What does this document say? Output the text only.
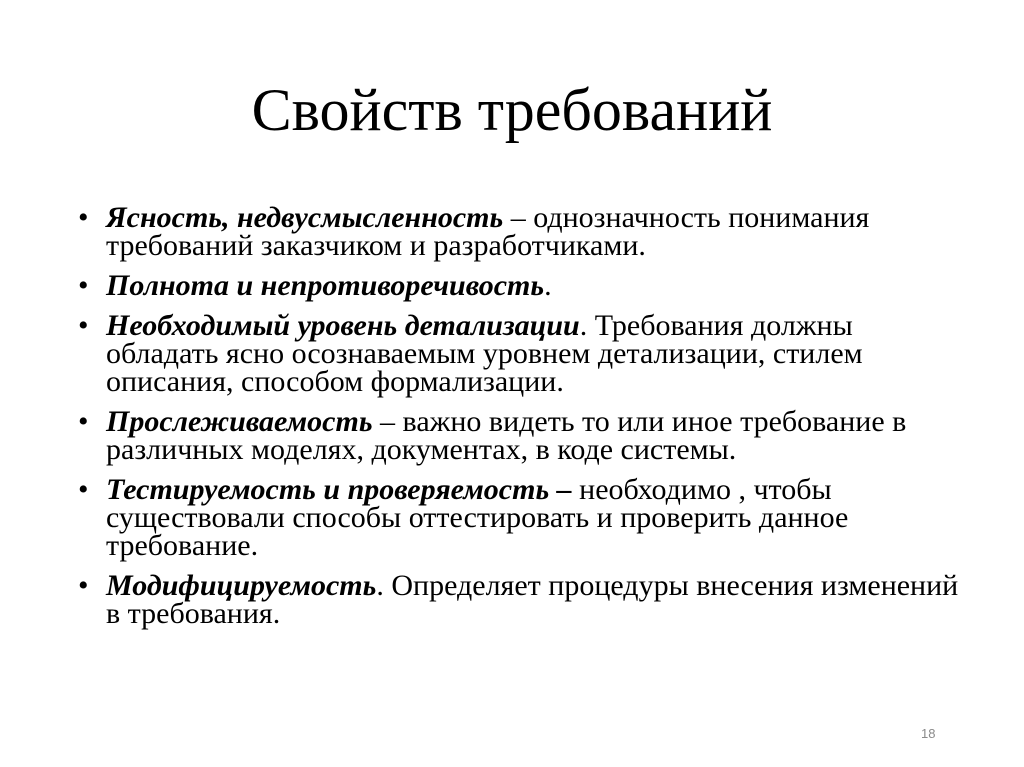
Свойств требований
• Ясность, недвусмысленность – однозначность понимания требований заказчиком и разработчиками.
• Полнота и непротиворечивость.
• Необходимый уровень детализации. Требования должны обладать ясно осознаваемым уровнем детализации, стилем описания, способом формализации.
• Прослеживаемость – важно видеть то или иное требование в различных моделях, документах, в коде системы.
• Тестируемость и проверяемость – необходимо , чтобы существовали способы оттестировать и проверить данное требование.
• Модифицируемость. Определяет процедуры внесения изменений в требования.
18
